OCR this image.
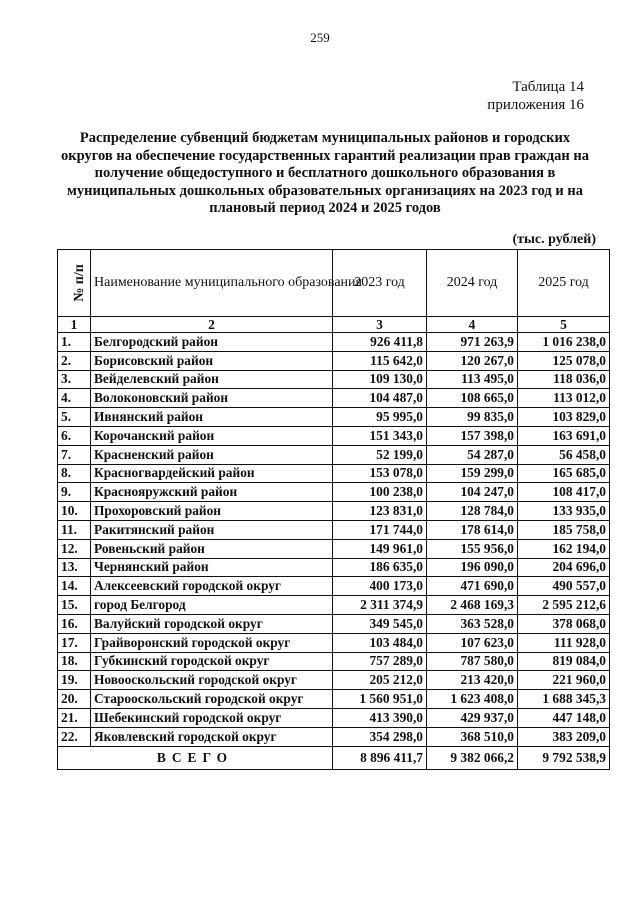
259
Таблица 14
приложения 16
Распределение субвенций бюджетам муниципальных районов и городских округов на обеспечение государственных гарантий реализации прав граждан на получение общедоступного и бесплатного дошкольного образования в муниципальных дошкольных образовательных организациях на 2023 год и на плановый период 2024 и 2025 годов
(тыс. рублей)
№ п/п	Наименование муниципального образования	2023 год	2024 год	2025 год
1	2	3	4	5
1.	Белгородский район	926 411,8	971 263,9	1 016 238,0
2.	Борисовский район	115 642,0	120 267,0	125 078,0
3.	Вейделевский район	109 130,0	113 495,0	118 036,0
4.	Волоконовский район	104 487,0	108 665,0	113 012,0
5.	Ивнянский район	95 995,0	99 835,0	103 829,0
6.	Корочанский район	151 343,0	157 398,0	163 691,0
7.	Красненский район	52 199,0	54 287,0	56 458,0
8.	Красногвардейский район	153 078,0	159 299,0	165 685,0
9.	Краснояружский район	100 238,0	104 247,0	108 417,0
10.	Прохоровский район	123 831,0	128 784,0	133 935,0
11.	Ракитянский район	171 744,0	178 614,0	185 758,0
12.	Ровеньский район	149 961,0	155 956,0	162 194,0
13.	Чернянский район	186 635,0	196 090,0	204 696,0
14.	Алексеевский городской округ	400 173,0	471 690,0	490 557,0
15.	город Белгород	2 311 374,9	2 468 169,3	2 595 212,6
16.	Валуйский городской округ	349 545,0	363 528,0	378 068,0
17.	Грайворонский городской округ	103 484,0	107 623,0	111 928,0
18.	Губкинский городской округ	757 289,0	787 580,0	819 084,0
19.	Новооскольский городской округ	205 212,0	213 420,0	221 960,0
20.	Старооскольский городской округ	1 560 951,0	1 623 408,0	1 688 345,3
21.	Шебекинский городской округ	413 390,0	429 937,0	447 148,0
22.	Яковлевский городской округ	354 298,0	368 510,0	383 209,0
ВСЕГО		8 896 411,7	9 382 066,2	9 792 538,9
